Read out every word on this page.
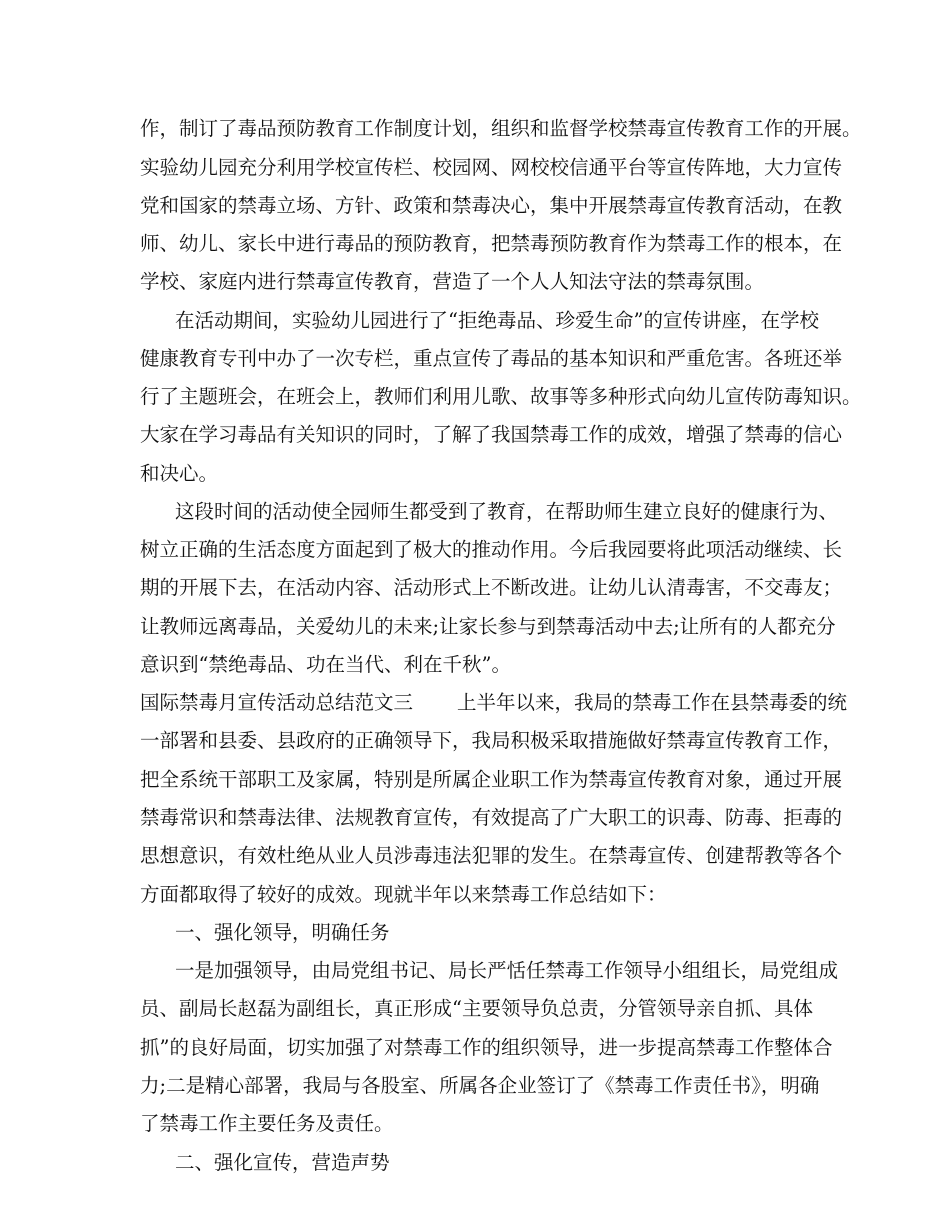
作，制订了毒品预防教育工作制度计划，组织和监督学校禁毒宣传教育工作的开展。

实验幼儿园充分利用学校宣传栏、校园网、网校校信通平台等宣传阵地，大力宣传

党和国家的禁毒立场、方针、政策和禁毒决心，集中开展禁毒宣传教育活动，在教

师、幼儿、家长中进行毒品的预防教育，把禁毒预防教育作为禁毒工作的根本，在

学校、家庭内进行禁毒宣传教育，营造了一个人人知法守法的禁毒氛围。

在活动期间，实验幼儿园进行了“拒绝毒品、珍爱生命”的宣传讲座，在学校

健康教育专刊中办了一次专栏，重点宣传了毒品的基本知识和严重危害。各班还举

行了主题班会，在班会上，教师们利用儿歌、故事等多种形式向幼儿宣传防毒知识。

大家在学习毒品有关知识的同时，了解了我国禁毒工作的成效，增强了禁毒的信心

和决心。

这段时间的活动使全园师生都受到了教育，在帮助师生建立良好的健康行为、

树立正确的生活态度方面起到了极大的推动作用。今后我园要将此项活动继续、长

期的开展下去，在活动内容、活动形式上不断改进。让幼儿认清毒害，不交毒友；

让教师远离毒品，关爱幼儿的未来;让家长参与到禁毒活动中去;让所有的人都充分

意识到“禁绝毒品、功在当代、利在千秋”。

国际禁毒月宣传活动总结范文三 上半年以来，我局的禁毒工作在县禁毒委的统

一部署和县委、县政府的正确领导下，我局积极采取措施做好禁毒宣传教育工作，

把全系统干部职工及家属，特别是所属企业职工作为禁毒宣传教育对象，通过开展

禁毒常识和禁毒法律、法规教育宣传，有效提高了广大职工的识毒、防毒、拒毒的

思想意识，有效杜绝从业人员涉毒违法犯罪的发生。在禁毒宣传、创建帮教等各个

方面都取得了较好的成效。现就半年以来禁毒工作总结如下：

一、强化领导，明确任务

一是加强领导，由局党组书记、局长严恬任禁毒工作领导小组组长，局党组成

员、副局长赵磊为副组长，真正形成“主要领导负总责，分管领导亲自抓、具体

抓”的良好局面，切实加强了对禁毒工作的组织领导，进一步提高禁毒工作整体合

力;二是精心部署，我局与各股室、所属各企业签订了《禁毒工作责任书》，明确

了禁毒工作主要任务及责任。

二、强化宣传，营造声势
